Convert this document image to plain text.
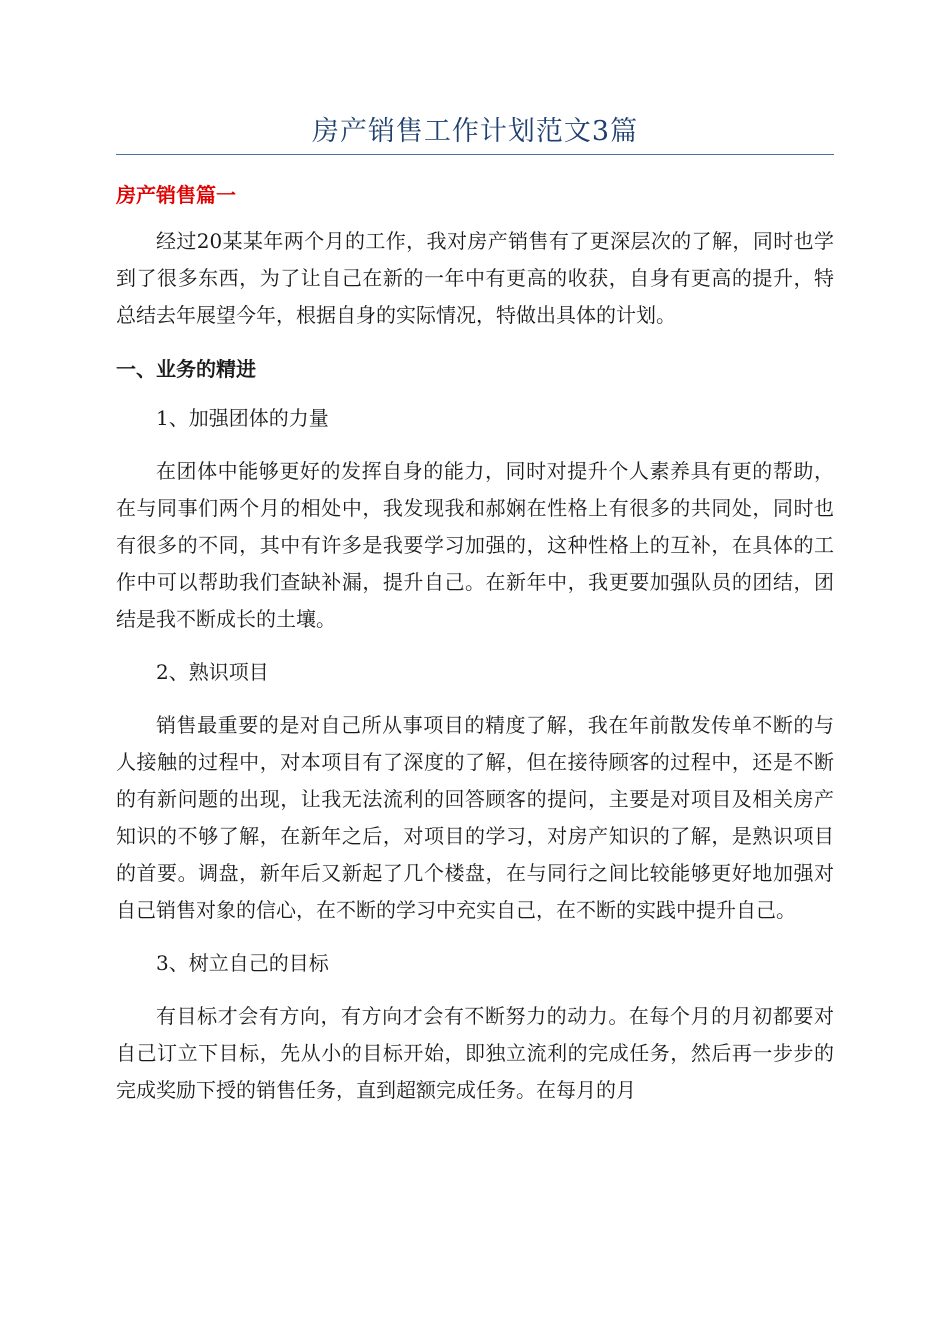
房产销售工作计划范文3篇
房产销售篇一

经过20某某年两个月的工作，我对房产销售有了更深层次的了解，同时也学到了很多东西，为了让自己在新的一年中有更高的收获，自身有更高的提升，特总结去年展望今年，根据自身的实际情况，特做出具体的计划。

一、业务的精进
1、加强团体的力量

在团体中能够更好的发挥自身的能力，同时对提升个人素养具有更的帮助，在与同事们两个月的相处中，我发现我和郝娴在性格上有很多的共同处，同时也有很多的不同，其中有许多是我要学习加强的，这种性格上的互补，在具体的工作中可以帮助我们查缺补漏，提升自己。在新年中，我更要加强队员的团结，团结是我不断成长的土壤。

2、熟识项目

销售最重要的是对自己所从事项目的精度了解，我在年前散发传单不断的与人接触的过程中，对本项目有了深度的了解，但在接待顾客的过程中，还是不断的有新问题的出现，让我无法流利的回答顾客的提问，主要是对项目及相关房产知识的不够了解，在新年之后，对项目的学习，对房产知识的了解，是熟识项目的首要。调盘，新年后又新起了几个楼盘，在与同行之间比较能够更好地加强对自己销售对象的信心，在不断的学习中充实自己，在不断的实践中提升自己。

3、树立自己的目标

有目标才会有方向，有方向才会有不断努力的动力。在每个月的月初都要对自己订立下目标，先从小的目标开始，即独立流利的完成任务，然后再一步步的完成奖励下授的销售任务，直到超额完成任务。在每月的月
